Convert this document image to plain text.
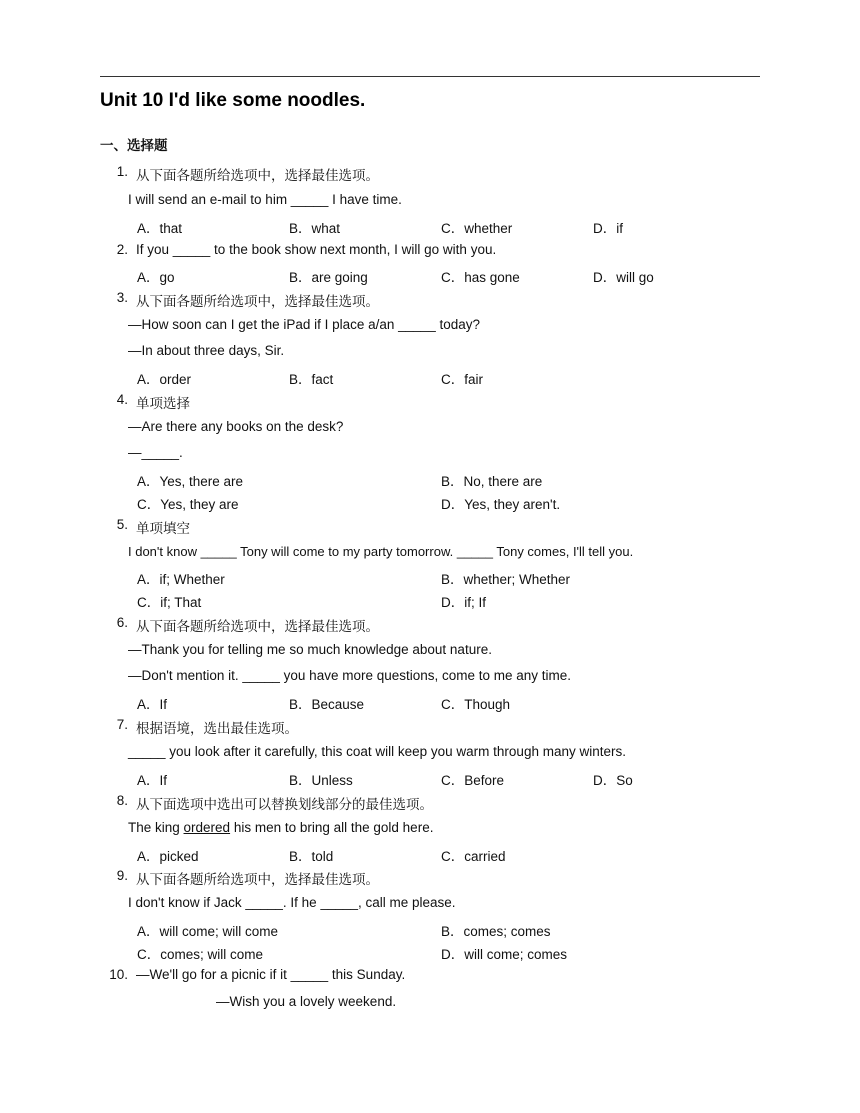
Unit 10 I'd like some noodles.
一、选择题
1. 从下面各题所给选项中，选择最佳选项。
I will send an e-mail to him _____ I have time.
A．that	B．what	C．whether	D．if
2. If you _____ to the book show next month, I will go with you.
A．go	B．are going	C．has gone	D．will go
3. 从下面各题所给选项中，选择最佳选项。
—How soon can I get the iPad if I place a/an _____ today?
—In about three days, Sir.
A．order	B．fact	C．fair
4. 单项选择
—Are there any books on the desk?
—_____.
A．Yes, there are	B．No, there are
C．Yes, they are	D．Yes, they aren't.
5. 单项填空
I don't know _____ Tony will come to my party tomorrow. _____ Tony comes, I'll tell you.
A．if; Whether	B．whether; Whether
C．if; That	D．if; If
6. 从下面各题所给选项中，选择最佳选项。
—Thank you for telling me so much knowledge about nature.
—Don't mention it. _____ you have more questions, come to me any time.
A．If	B．Because	C．Though
7. 根据语境，选出最佳选项。
_____ you look after it carefully, this coat will keep you warm through many winters.
A．If	B．Unless	C．Before	D．So
8. 从下面选项中选出可以替换划线部分的最佳选项。
The king ordered his men to bring all the gold here.
A．picked	B．told	C．carried
9. 从下面各题所给选项中，选择最佳选项。
I don't know if Jack _____. If he _____, call me please.
A．will come; will come	B．comes; comes
C．comes; will come	D．will come; comes
10. —We'll go for a picnic if it _____ this Sunday.
—Wish you a lovely weekend.
